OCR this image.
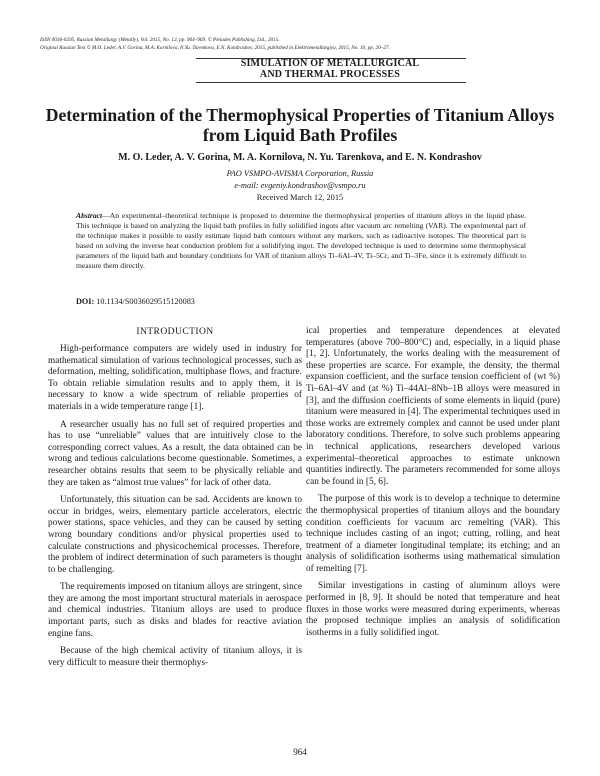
ISSN 0036-0295, Russian Metallurgy (Metally), Vol. 2015, No. 12, pp. 964–969. © Pleiades Publishing, Ltd., 2015.
Original Russian Text © M.O. Leder, A.V. Gorina, M.A. Kornilova, N.Yu. Tarenkova, E.N. Kondrashov, 2015, published in Elektrometallurgiya, 2015, No. 10, pp. 20–27.
SIMULATION OF METALLURGICAL
AND THERMAL PROCESSES
Determination of the Thermophysical Properties of Titanium Alloys
from Liquid Bath Profiles
M. O. Leder, A. V. Gorina, M. A. Kornilova, N. Yu. Tarenkova, and E. N. Kondrashov
PAO VSMPO-AVISMA Corporation, Russia
e-mail: evgeniy.kondrashov@vsmpo.ru
Received March 12, 2015
Abstract—An experimental–theoretical technique is proposed to determine the thermophysical properties of titanium alloys in the liquid phase. This technique is based on analyzing the liquid bath profiles in fully solidified ingots after vacuum arc remelting (VAR). The experimental part of the technique makes it possible to easily estimate liquid bath contours without any markers, such as radioactive isotopes. The theoretical part is based on solving the inverse heat conduction problem for a solidifying ingot. The developed technique is used to determine some thermophysical parameters of the liquid bath and boundary conditions for VAR of titanium alloys Ti–6Al–4V, Ti–5Cr, and Ti–3Fe, since it is extremely difficult to measure them directly.
DOI: 10.1134/S0036029515120083
INTRODUCTION

High-performance computers are widely used in industry for mathematical simulation of various technological processes, such as deformation, melting, solidification, multiphase flows, and fracture. To obtain reliable simulation results and to apply them, it is necessary to know a wide spectrum of reliable properties of materials in a wide temperature range [1].

A researcher usually has no full set of required properties and has to use “unreliable” values that are intuitively close to the corresponding correct values. As a result, the data obtained can be wrong and tedious calculations become questionable. Sometimes, a researcher obtains results that seem to be physically reliable and they are taken as “almost true values” for lack of other data.

Unfortunately, this situation can be sad. Accidents are known to occur in bridges, weirs, elementary particle accelerators, electric power stations, space vehicles, and they can be caused by setting wrong boundary conditions and/or physical properties used to calculate constructions and physicochemical processes. Therefore, the problem of indirect determination of such parameters is thought to be challenging.

The requirements imposed on titanium alloys are stringent, since they are among the most important structural materials in aerospace and chemical industries. Titanium alloys are used to produce important parts, such as disks and blades for reactive aviation engine fans.

Because of the high chemical activity of titanium alloys, it is very difficult to measure their thermophys-

ical properties and temperature dependences at elevated temperatures (above 700–800°C) and, especially, in a liquid phase [1, 2]. Unfortunately, the works dealing with the measurement of these properties are scarce. For example, the density, the thermal expansion coefficient, and the surface tension coefficient of (wt %) Ti–6Al–4V and (at %) Ti–44Al–8Nb–1B alloys were measured in [3], and the diffusion coefficients of some elements in liquid (pure) titanium were measured in [4]. The experimental techniques used in those works are extremely complex and cannot be used under plant laboratory conditions. Therefore, to solve such problems appearing in technical applications, researchers developed various experimental–theoretical approaches to estimate unknown quantities indirectly. The parameters recommended for some alloys can be found in [5, 6].

The purpose of this work is to develop a technique to determine the thermophysical properties of titanium alloys and the boundary condition coefficients for vacuum arc remelting (VAR). This technique includes casting of an ingot; cutting, rolling, and heat treatment of a diameter longitudinal template; its etching; and an analysis of solidification isotherms using mathematical simulation of remelting [7].

Similar investigations in casting of aluminum alloys were performed in [8, 9]. It should be noted that temperature and heat fluxes in those works were measured during experiments, whereas the proposed technique implies an analysis of solidification isotherms in a fully solidified ingot.

964
